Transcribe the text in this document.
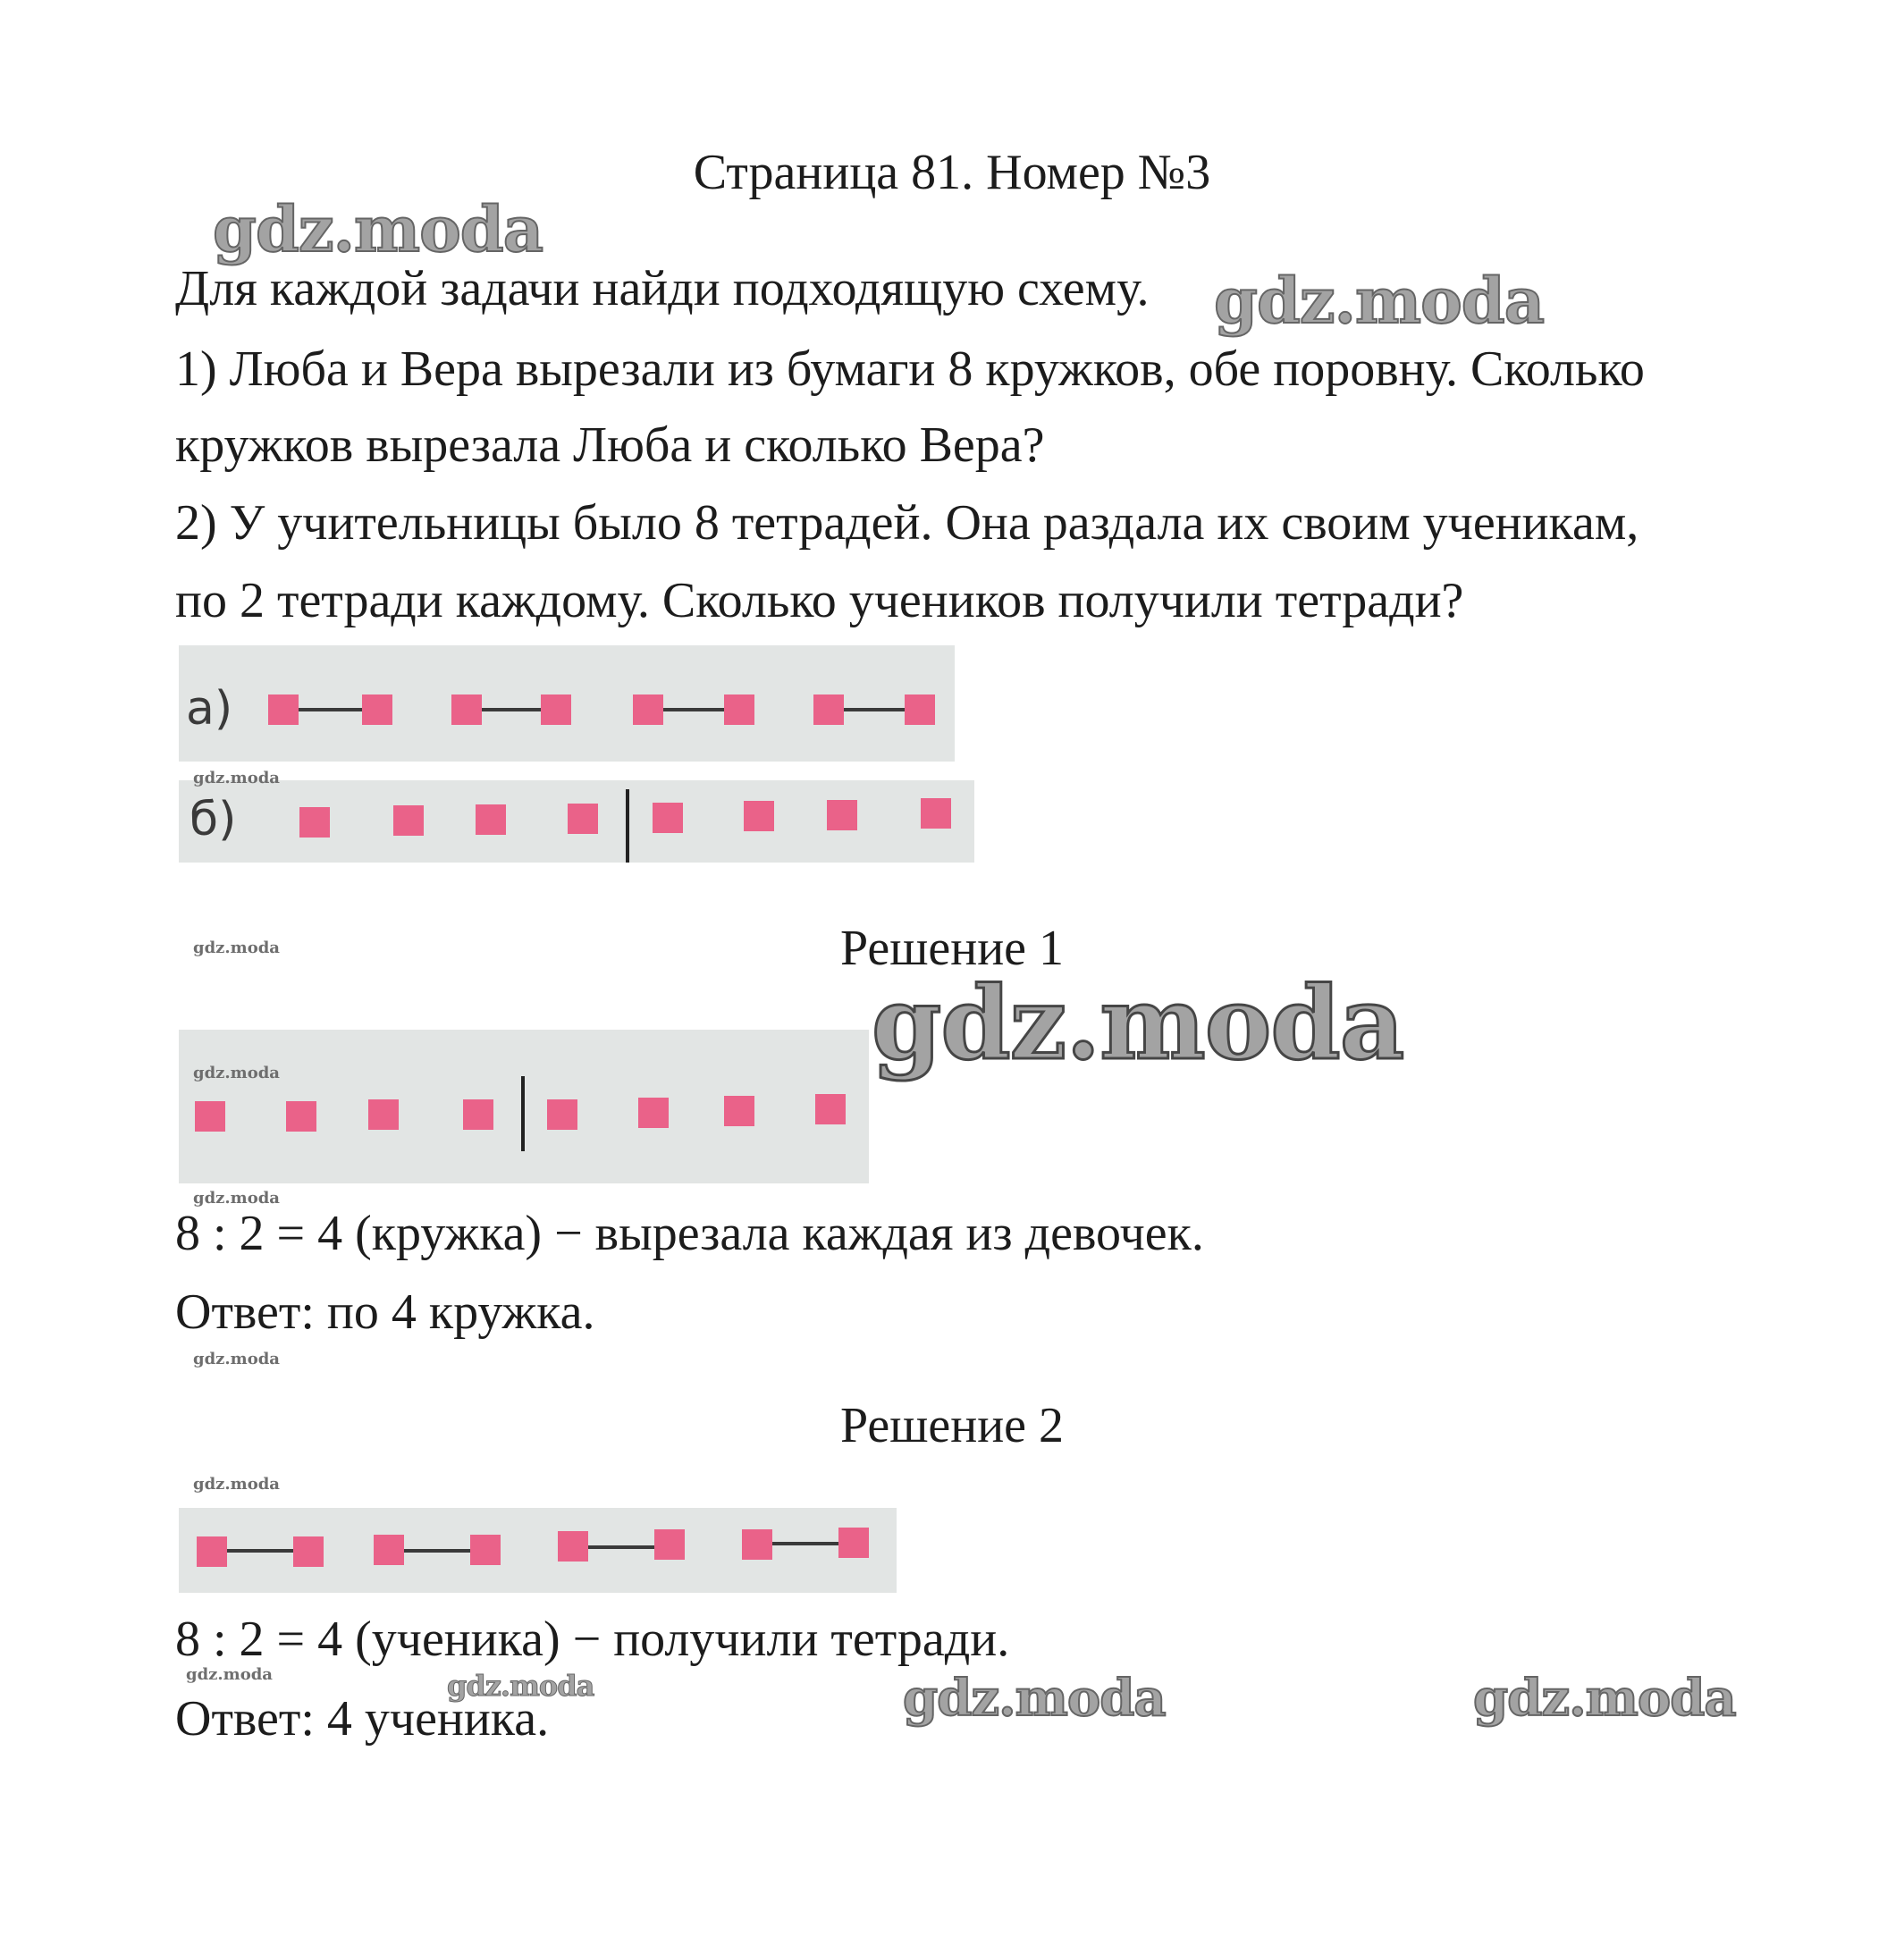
Страница 81. Номер №3
Для каждой задачи найди подходящую схему.
1) Люба и Вера вырезали из бумаги 8 кружков, обе поровну. Сколько
кружков вырезала Люба и сколько Вера?
2) У учительницы было 8 тетрадей. Она раздала их своим ученикам,
по 2 тетради каждому. Сколько учеников получили тетради?
а)
б)
Решение 1
8 : 2 = 4 (кружка) − вырезала каждая из девочек.
Ответ: по 4 кружка.
Решение 2
8 : 2 = 4 (ученика) − получили тетради.
Ответ: 4 ученика.
gdz.moda
gdz.moda
gdz.moda
gdz.moda	gdz.moda
gdz.moda
gdz.moda
gdz.moda
gdz.moda
gdz.moda
gdz.moda
gdz.moda
gdz.moda
